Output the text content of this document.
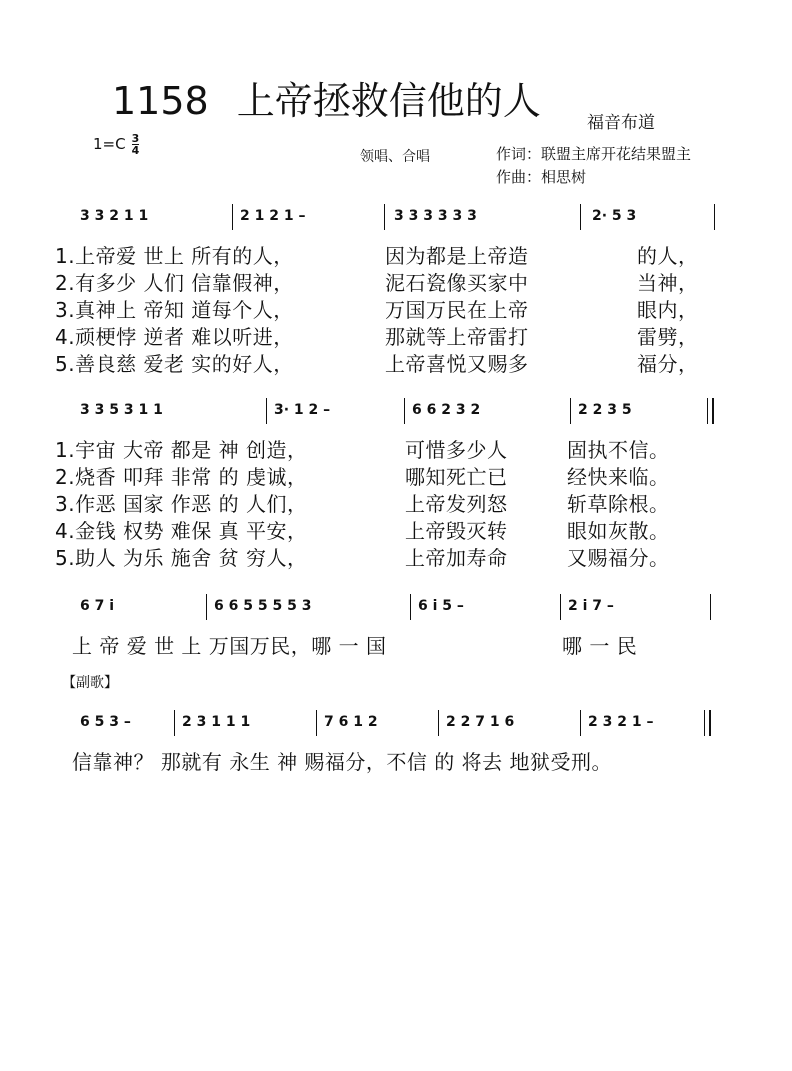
1158 上帝拯救信他的人	福音布道
$1=C \frac{3}{4}$
领唱、合唱	作词：联盟主席开花结果盟主
作曲：相思树
3 3 2 1 1	2 1 2 1 –	3 3 3 3 3 3	2· 5 3
1.上帝爱 世上 所有的人，	因为都是上帝造	的人，
2.有多少 人们 信靠假神，	泥石瓷像买家中	当神，
3.真神上 帝知 道每个人，	万国万民在上帝	眼内，
4.顽梗悖 逆者 难以听进，	那就等上帝雷打	雷劈，
5.善良慈 爱老 实的好人，	上帝喜悦又赐多	福分，
3 3 5 3 1 1	3· 1 2 –	6 6 2 3 2	2 2 3 5
1.宇宙 大帝 都是 神 创造，	可惜多少人	固执不信。
2.烧香 叩拜 非常 的 虔诚，	哪知死亡已	经快来临。
3.作恶 国家 作恶 的 人们，	上帝发列怒	斩草除根。
4.金钱 权势 难保 真 平安，	上帝毁灭转	眼如灰散。
5.助人 为乐 施舍 贫 穷人，	上帝加寿命	又赐福分。
6 7 i	6 6 5 5 5 5 3	6 i 5 –	2 i 7 –
上 帝 爱 世 上 万国万民，哪 一 国	哪 一 民
【副歌】
6 5 3 –	2 3 1 1 1	7 6 1 2	2 2 7 1 6	2 3 2 1 –
信靠神？ 那就有 永生 神 赐福分，不信 的 将去 地狱受刑。
